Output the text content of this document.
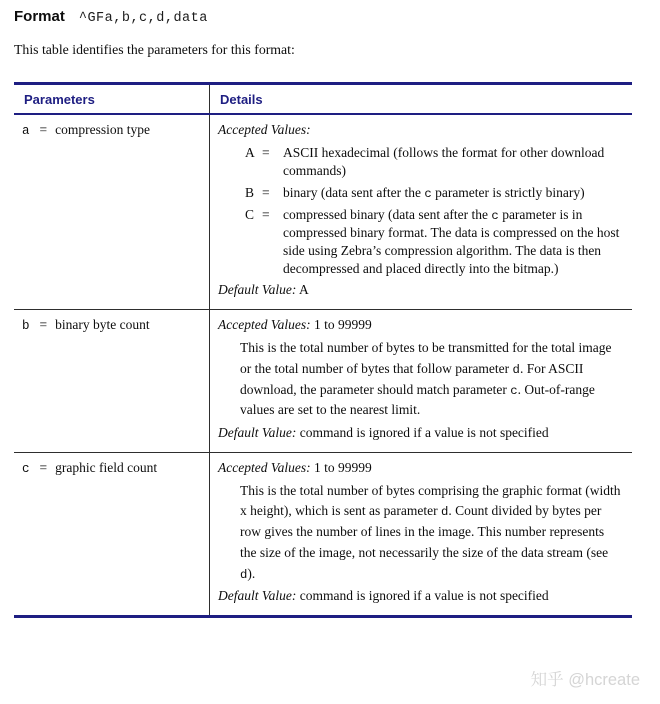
Format ^GFa,b,c,d,data
This table identifies the parameters for this format:
Parameters	Details
a = compression type	Accepted Values:
A = ASCII hexadecimal (follows the format for other download commands)
B = binary (data sent after the c parameter is strictly binary)
C = compressed binary (data sent after the c parameter is in compressed binary format. The data is compressed on the host side using Zebra’s compression algorithm. The data is then decompressed and placed directly into the bitmap.)
Default Value: A
b = binary byte count	Accepted Values: 1 to 99999
This is the total number of bytes to be transmitted for the total image or the total number of bytes that follow parameter d. For ASCII download, the parameter should match parameter c. Out-of-range values are set to the nearest limit.
Default Value: command is ignored if a value is not specified
c = graphic field count	Accepted Values: 1 to 99999
This is the total number of bytes comprising the graphic format (width x height), which is sent as parameter d. Count divided by bytes per row gives the number of lines in the image. This number represents the size of the image, not necessarily the size of the data stream (see d).
Default Value: command is ignored if a value is not specified
知乎 @hcreate
